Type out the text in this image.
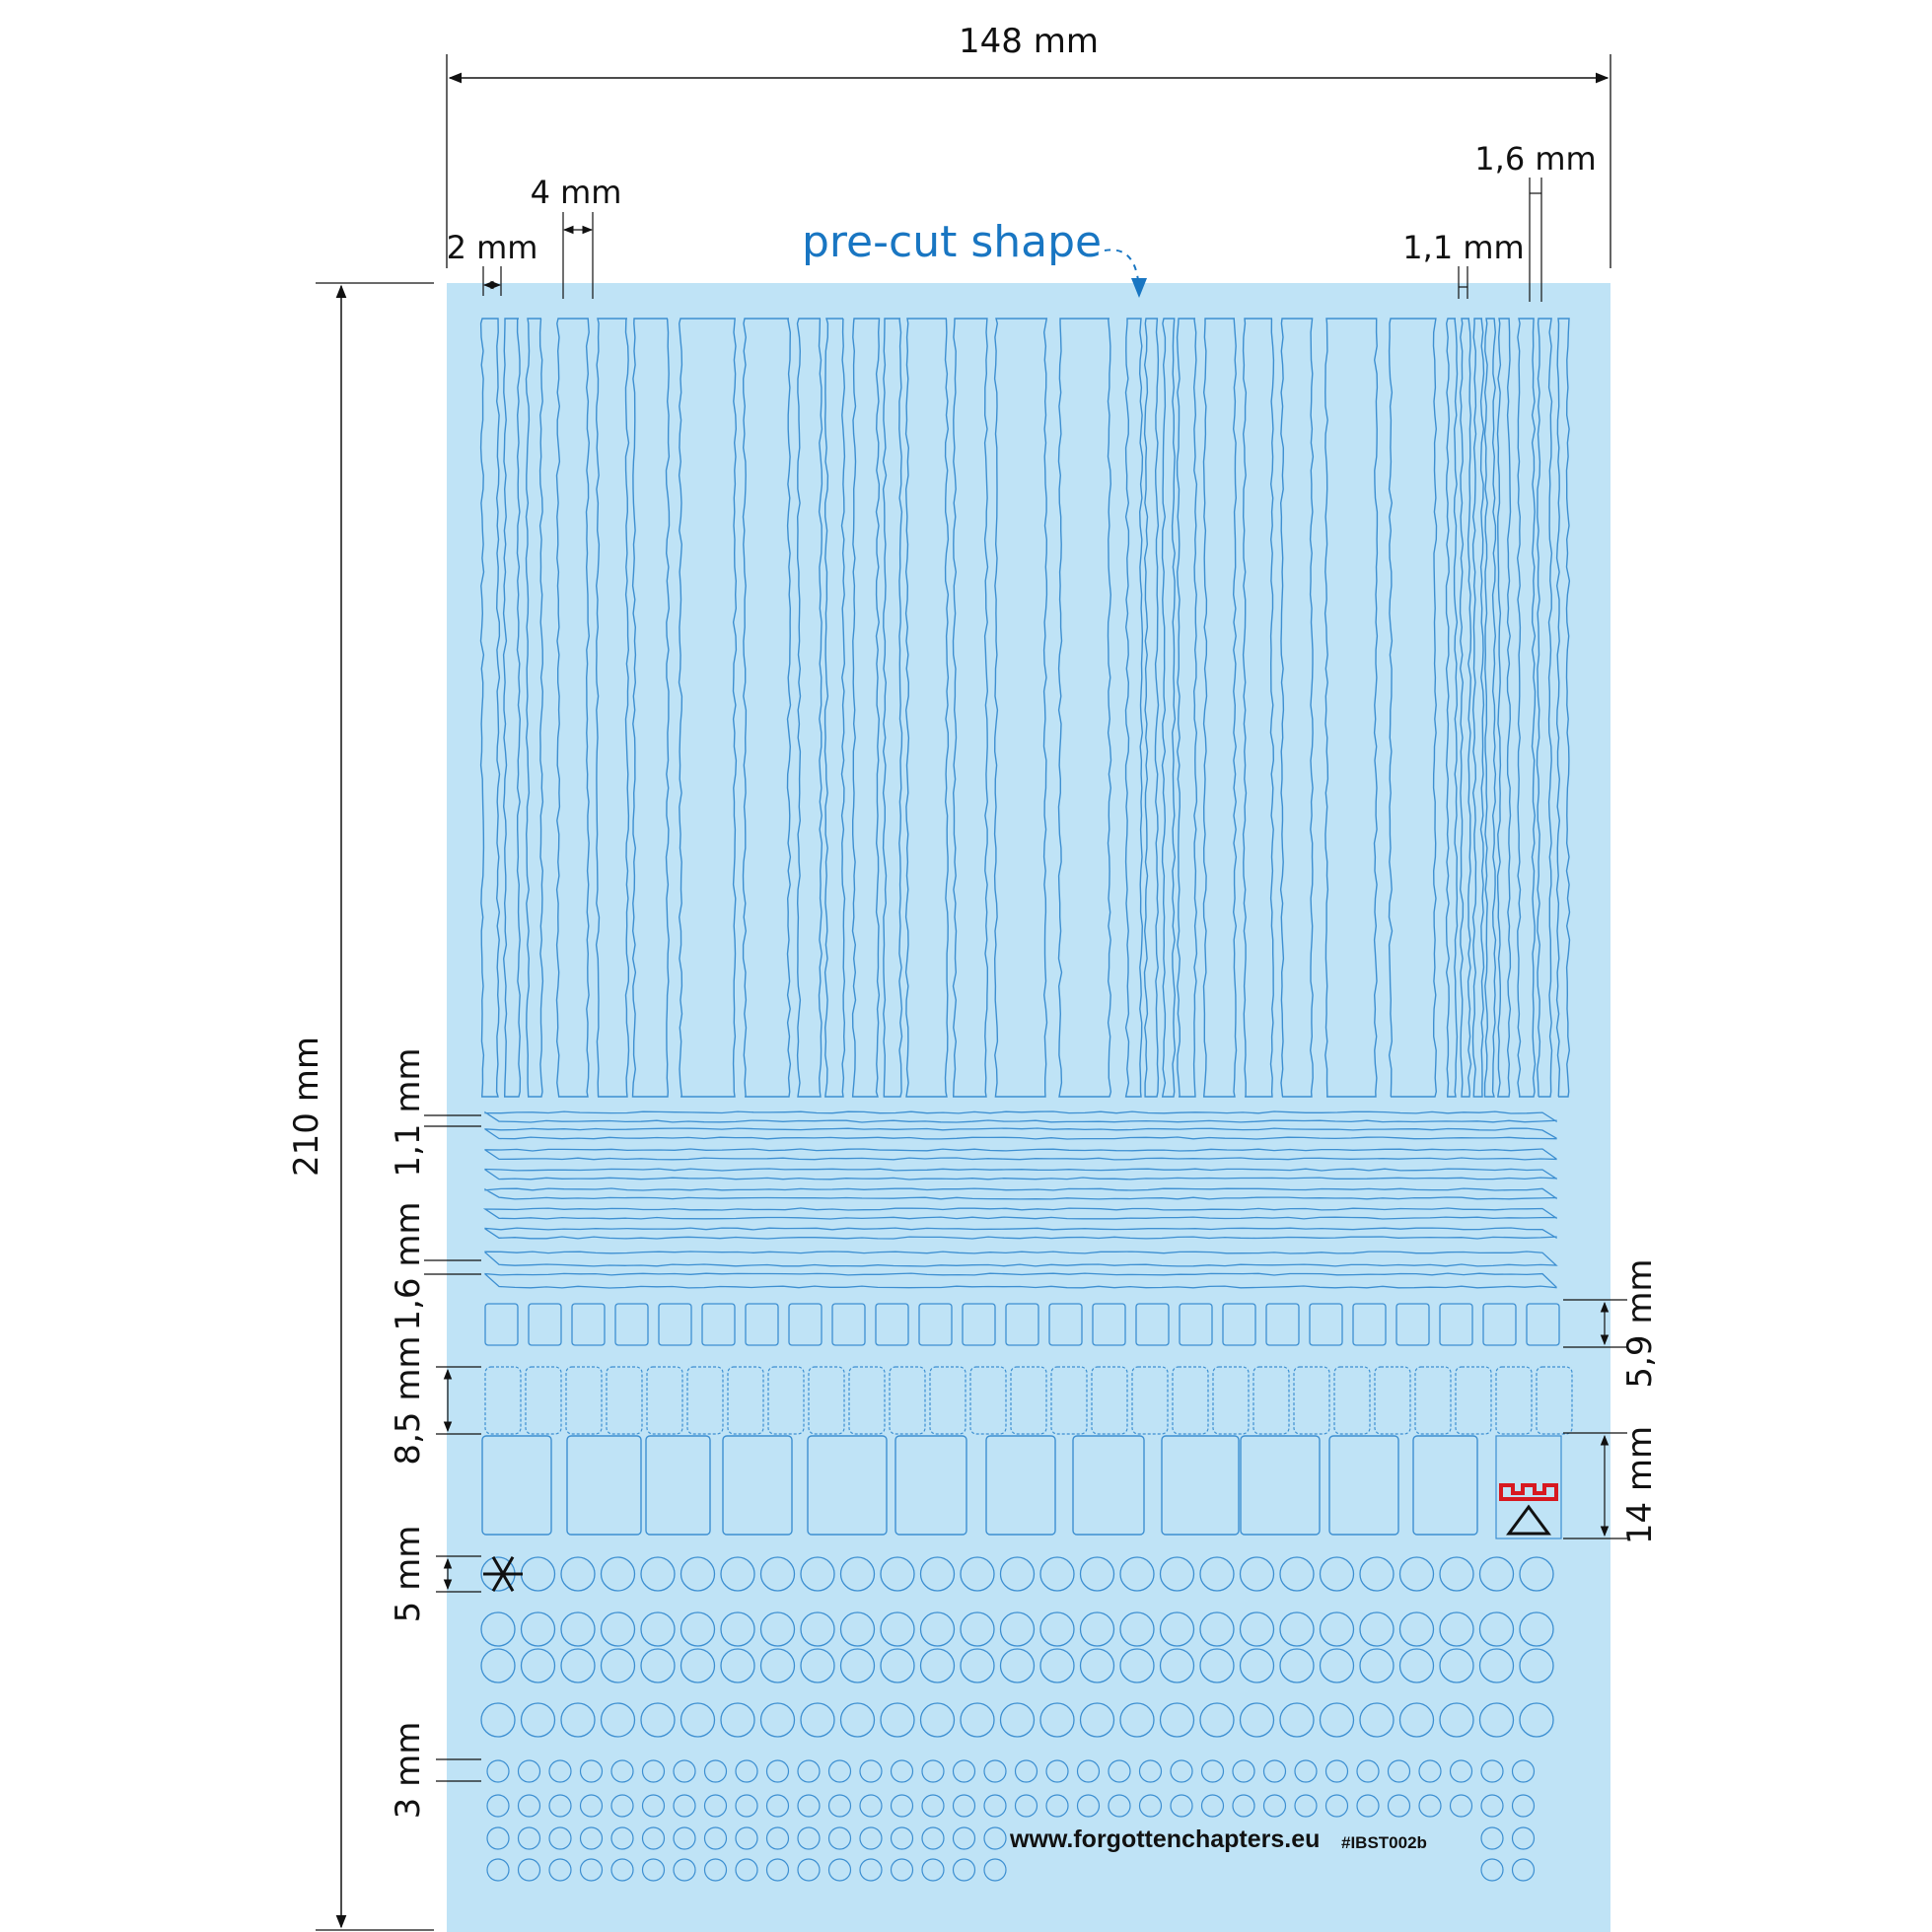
148 mm
2 mm
4 mm
1,1 mm
1,6 mm
pre-cut shape
210 mm 1,1 mm
1,6 mm
8,5 mm
5 mm
3 mm
5,9 mm
14 mm
www.forgottenchapters.eu #IBST002b
